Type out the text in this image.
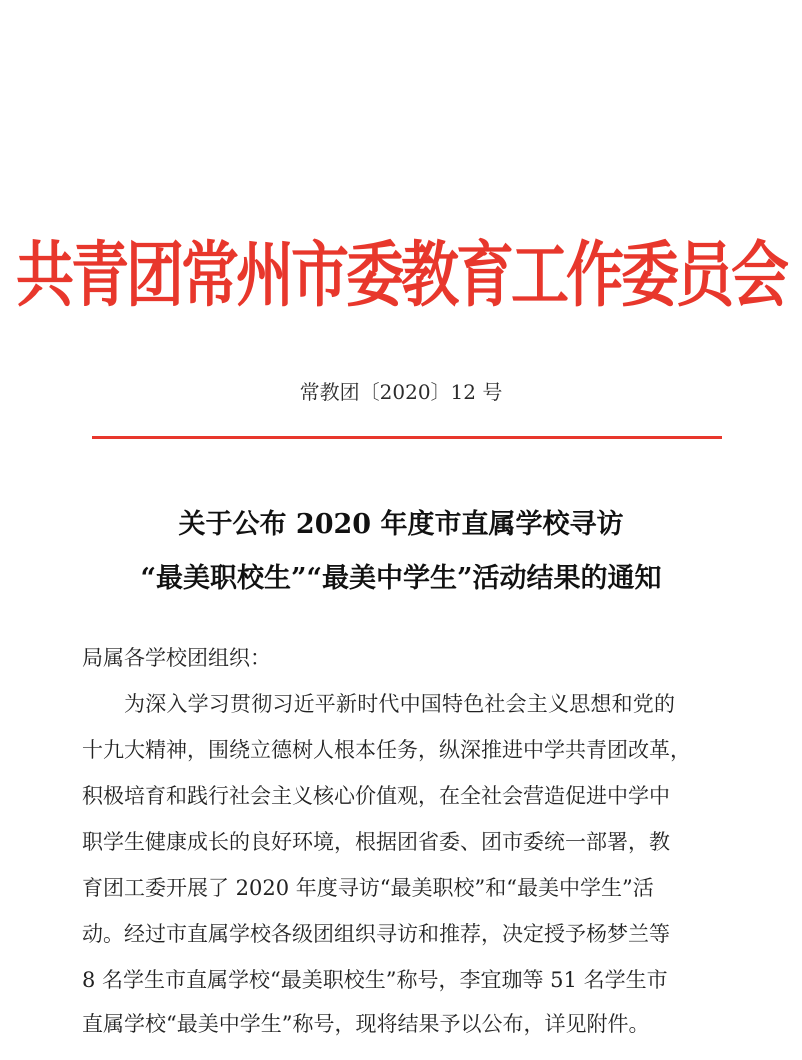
共青团常州市委教育工作委员会
常教团〔2020〕12 号
关于公布 2020 年度市直属学校寻访
“最美职校生”“最美中学生”活动结果的通知
局属各学校团组织：
为深入学习贯彻习近平新时代中国特色社会主义思想和党的
十九大精神，围绕立德树人根本任务，纵深推进中学共青团改革，
积极培育和践行社会主义核心价值观，在全社会营造促进中学中
职学生健康成长的良好环境，根据团省委、团市委统一部署，教
育团工委开展了 2020 年度寻访“最美职校”和“最美中学生”活
动。经过市直属学校各级团组织寻访和推荐，决定授予杨梦兰等
8 名学生市直属学校“最美职校生”称号，李宜珈等 51 名学生市
直属学校“最美中学生”称号，现将结果予以公布，详见附件。
